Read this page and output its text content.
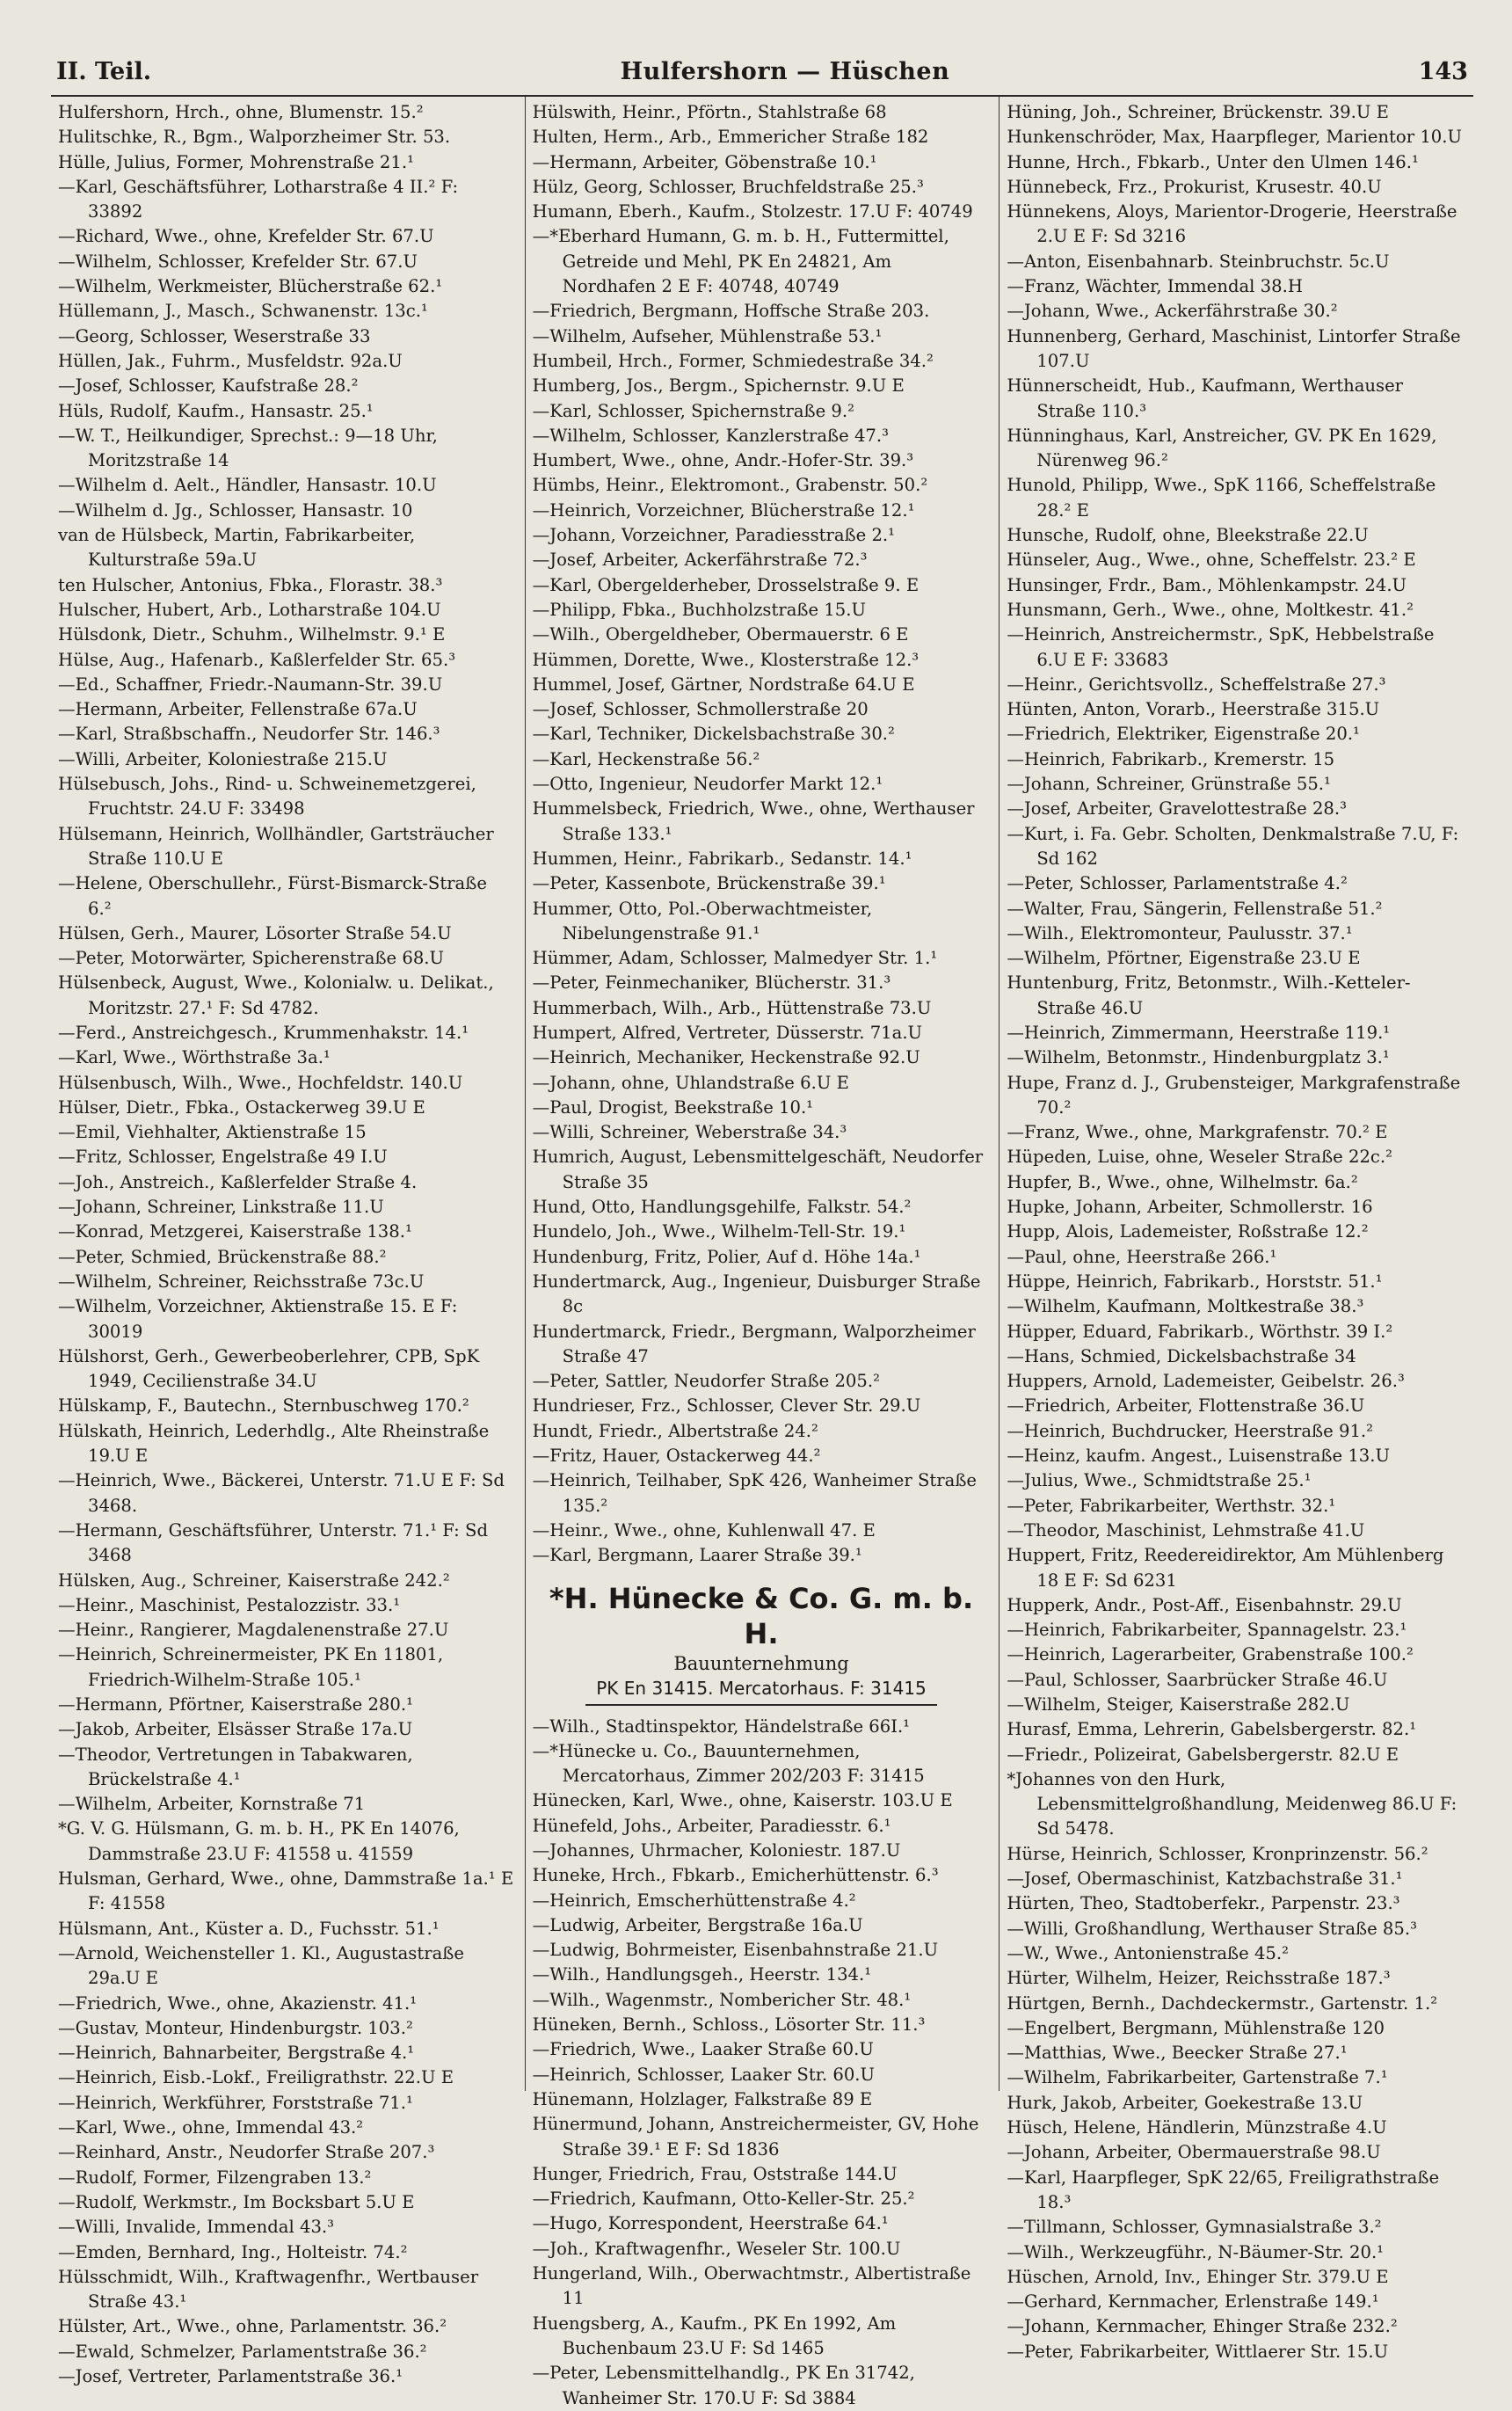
II. Teil.	Hulfershorn — Hüschen	143
Hulfershorn, Hrch., ohne, Blumenstr. 15.²
Hulitschke, R., Bgm., Walporzheimer Str. 53.
Hülle, Julius, Former, Mohrenstraße 21.¹
—Karl, Geschäftsführer, Lotharstraße 4 II.² F: 33892
—Richard, Wwe., ohne, Krefelder Str. 67.U
—Wilhelm, Schlosser, Krefelder Str. 67.U
—Wilhelm, Werkmeister, Blücherstraße 62.¹
Hüllemann, J., Masch., Schwanenstr. 13c.¹
—Georg, Schlosser, Weserstraße 33
Hüllen, Jak., Fuhrm., Musfeldstr. 92a.U
—Josef, Schlosser, Kaufstraße 28.²
Hüls, Rudolf, Kaufm., Hansastr. 25.¹
—W. T., Heilkundiger, Sprechst.: 9—18 Uhr, Moritzstraße 14
—Wilhelm d. Aelt., Händler, Hansastr. 10.U
—Wilhelm d. Jg., Schlosser, Hansastr. 10
van de Hülsbeck, Martin, Fabrikarbeiter, Kulturstraße 59a.U
ten Hulscher, Antonius, Fbka., Florastr. 38.³
Hulscher, Hubert, Arb., Lotharstraße 104.U
Hülsdonk, Dietr., Schuhm., Wilhelmstr. 9.¹ E
Hülse, Aug., Hafenarb., Kaßlerfelder Str. 65.³
—Ed., Schaffner, Friedr.-Naumann-Str. 39.U
—Hermann, Arbeiter, Fellenstraße 67a.U
—Karl, Straßbschaffn., Neudorfer Str. 146.³
—Willi, Arbeiter, Koloniestraße 215.U
Hülsebusch, Johs., Rind- u. Schweinemetzgerei, Fruchtstr. 24.U F: 33498
Hülsemann, Heinrich, Wollhändler, Gartsträucher Straße 110.U E
—Helene, Oberschullehr., Fürst-Bismarck-Straße 6.²
Hülsen, Gerh., Maurer, Lösorter Straße 54.U
—Peter, Motorwärter, Spicherenstraße 68.U
Hülsenbeck, August, Wwe., Kolonialw. u. Delikat., Moritzstr. 27.¹ F: Sd 4782.
—Ferd., Anstreichgesch., Krummenhakstr. 14.¹
—Karl, Wwe., Wörthstraße 3a.¹
Hülsenbusch, Wilh., Wwe., Hochfeldstr. 140.U
Hülser, Dietr., Fbka., Ostackerweg 39.U E
—Emil, Viehhalter, Aktienstraße 15
—Fritz, Schlosser, Engelstraße 49 I.U
—Joh., Anstreich., Kaßlerfelder Straße 4.
—Johann, Schreiner, Linkstraße 11.U
—Konrad, Metzgerei, Kaiserstraße 138.¹
—Peter, Schmied, Brückenstraße 88.²
—Wilhelm, Schreiner, Reichsstraße 73c.U
—Wilhelm, Vorzeichner, Aktienstraße 15. E F: 30019
Hülshorst, Gerh., Gewerbeoberlehrer, CPB, SpK 1949, Cecilienstraße 34.U
Hülskamp, F., Bautechn., Sternbuschweg 170.²
Hülskath, Heinrich, Lederhdlg., Alte Rheinstraße 19.U E
—Heinrich, Wwe., Bäckerei, Unterstr. 71.U E F: Sd 3468.
—Hermann, Geschäftsführer, Unterstr. 71.¹ F: Sd 3468
Hülsken, Aug., Schreiner, Kaiserstraße 242.²
—Heinr., Maschinist, Pestalozzistr. 33.¹
—Heinr., Rangierer, Magdalenenstraße 27.U
—Heinrich, Schreinermeister, PK En 11801, Friedrich-Wilhelm-Straße 105.¹
—Hermann, Pförtner, Kaiserstraße 280.¹
—Jakob, Arbeiter, Elsässer Straße 17a.U
—Theodor, Vertretungen in Tabakwaren, Brückelstraße 4.¹
—Wilhelm, Arbeiter, Kornstraße 71
*G. V. G. Hülsmann, G. m. b. H., PK En 14076, Dammstraße 23.U F: 41558 u. 41559
Hulsman, Gerhard, Wwe., ohne, Dammstraße 1a.¹ E F: 41558
Hülsmann, Ant., Küster a. D., Fuchsstr. 51.¹
—Arnold, Weichensteller 1. Kl., Augustastraße 29a.U E
—Friedrich, Wwe., ohne, Akazienstr. 41.¹
—Gustav, Monteur, Hindenburgstr. 103.²
—Heinrich, Bahnarbeiter, Bergstraße 4.¹
—Heinrich, Eisb.-Lokf., Freiligrathstr. 22.U E
—Heinrich, Werkführer, Forststraße 71.¹
—Karl, Wwe., ohne, Immendal 43.²
—Reinhard, Anstr., Neudorfer Straße 207.³
—Rudolf, Former, Filzengraben 13.²
—Rudolf, Werkmstr., Im Bocksbart 5.U E
—Willi, Invalide, Immendal 43.³
—Emden, Bernhard, Ing., Holteistr. 74.²
Hülsschmidt, Wilh., Kraftwagenfhr., Wertbauser Straße 43.¹
Hülster, Art., Wwe., ohne, Parlamentstr. 36.²
—Ewald, Schmelzer, Parlamentstraße 36.²
—Josef, Vertreter, Parlamentstraße 36.¹
Hülswith, Heinr., Pförtn., Stahlstraße 68
Hulten, Herm., Arb., Emmericher Straße 182
—Hermann, Arbeiter, Göbenstraße 10.¹
Hülz, Georg, Schlosser, Bruchfeldstraße 25.³
Humann, Eberh., Kaufm., Stolzestr. 17.U F: 40749
—*Eberhard Humann, G. m. b. H., Futtermittel, Getreide und Mehl, PK En 24821, Am Nordhafen 2 E F: 40748, 40749
—Friedrich, Bergmann, Hoffsche Straße 203.
—Wilhelm, Aufseher, Mühlenstraße 53.¹
Humbeil, Hrch., Former, Schmiedestraße 34.²
Humberg, Jos., Bergm., Spichernstr. 9.U E
—Karl, Schlosser, Spichernstraße 9.²
—Wilhelm, Schlosser, Kanzlerstraße 47.³
Humbert, Wwe., ohne, Andr.-Hofer-Str. 39.³
Hümbs, Heinr., Elektromont., Grabenstr. 50.²
—Heinrich, Vorzeichner, Blücherstraße 12.¹
—Johann, Vorzeichner, Paradiesstraße 2.¹
—Josef, Arbeiter, Ackerfährstraße 72.³
—Karl, Obergelderheber, Drosselstraße 9. E
—Philipp, Fbka., Buchholzstraße 15.U
—Wilh., Obergeldheber, Obermauerstr. 6 E
Hümmen, Dorette, Wwe., Klosterstraße 12.³
Hummel, Josef, Gärtner, Nordstraße 64.U E
—Josef, Schlosser, Schmollerstraße 20
—Karl, Techniker, Dickelsbachstraße 30.²
—Karl, Heckenstraße 56.²
—Otto, Ingenieur, Neudorfer Markt 12.¹
Hummelsbeck, Friedrich, Wwe., ohne, Werthauser Straße 133.¹
Hummen, Heinr., Fabrikarb., Sedanstr. 14.¹
—Peter, Kassenbote, Brückenstraße 39.¹
Hummer, Otto, Pol.-Oberwachtmeister, Nibelungenstraße 91.¹
Hümmer, Adam, Schlosser, Malmedyer Str. 1.¹
—Peter, Feinmechaniker, Blücherstr. 31.³
Hummerbach, Wilh., Arb., Hüttenstraße 73.U
Humpert, Alfred, Vertreter, Düsserstr. 71a.U
—Heinrich, Mechaniker, Heckenstraße 92.U
—Johann, ohne, Uhlandstraße 6.U E
—Paul, Drogist, Beekstraße 10.¹
—Willi, Schreiner, Weberstraße 34.³
Humrich, August, Lebensmittelgeschäft, Neudorfer Straße 35
Hund, Otto, Handlungsgehilfe, Falkstr. 54.²
Hundelo, Joh., Wwe., Wilhelm-Tell-Str. 19.¹
Hundenburg, Fritz, Polier, Auf d. Höhe 14a.¹
Hundertmarck, Aug., Ingenieur, Duisburger Straße 8c
Hundertmarck, Friedr., Bergmann, Walporzheimer Straße 47
—Peter, Sattler, Neudorfer Straße 205.²
Hundrieser, Frz., Schlosser, Clever Str. 29.U
Hundt, Friedr., Albertstraße 24.²
—Fritz, Hauer, Ostackerweg 44.²
—Heinrich, Teilhaber, SpK 426, Wanheimer Straße 135.²
—Heinr., Wwe., ohne, Kuhlenwall 47. E
—Karl, Bergmann, Laarer Straße 39.¹
*H. Hünecke & Co. G. m. b. H.
Bauunternehmung
PK En 31415. Mercatorhaus. F: 31415
—Wilh., Stadtinspektor, Händelstraße 66I.¹
—*Hünecke u. Co., Bauunternehmen, Mercatorhaus, Zimmer 202/203 F: 31415
Hünecken, Karl, Wwe., ohne, Kaiserstr. 103.U E
Hünefeld, Johs., Arbeiter, Paradiesstr. 6.¹
—Johannes, Uhrmacher, Koloniestr. 187.U
Huneke, Hrch., Fbkarb., Emicherhüttenstr. 6.³
—Heinrich, Emscherhüttenstraße 4.²
—Ludwig, Arbeiter, Bergstraße 16a.U
—Ludwig, Bohrmeister, Eisenbahnstraße 21.U
—Wilh., Handlungsgeh., Heerstr. 134.¹
—Wilh., Wagenmstr., Nombericher Str. 48.¹
Hüneken, Bernh., Schloss., Lösorter Str. 11.³
—Friedrich, Wwe., Laaker Straße 60.U
—Heinrich, Schlosser, Laaker Str. 60.U
Hünemann, Holzlager, Falkstraße 89 E
Hünermund, Johann, Anstreichermeister, GV, Hohe Straße 39.¹ E F: Sd 1836
Hunger, Friedrich, Frau, Oststraße 144.U
—Friedrich, Kaufmann, Otto-Keller-Str. 25.²
—Hugo, Korrespondent, Heerstraße 64.¹
—Joh., Kraftwagenfhr., Weseler Str. 100.U
Hungerland, Wilh., Oberwachtmstr., Albertistraße 11
Huengsberg, A., Kaufm., PK En 1992, Am Buchenbaum 23.U F: Sd 1465
—Peter, Lebensmittelhandlg., PK En 31742, Wanheimer Str. 170.U F: Sd 3884
Hüning, Joh., Schreiner, Brückenstr. 39.U E
Hunkenschröder, Max, Haarpfleger, Marientor 10.U
Hunne, Hrch., Fbkarb., Unter den Ulmen 146.¹
Hünnebeck, Frz., Prokurist, Krusestr. 40.U
Hünnekens, Aloys, Marientor-Drogerie, Heerstraße 2.U E F: Sd 3216
—Anton, Eisenbahnarb. Steinbruchstr. 5c.U
—Franz, Wächter, Immendal 38.H
—Johann, Wwe., Ackerfährstraße 30.²
Hunnenberg, Gerhard, Maschinist, Lintorfer Straße 107.U
Hünnerscheidt, Hub., Kaufmann, Werthauser Straße 110.³
Hünninghaus, Karl, Anstreicher, GV. PK En 1629, Nürenweg 96.²
Hunold, Philipp, Wwe., SpK 1166, Scheffelstraße 28.² E
Hunsche, Rudolf, ohne, Bleekstraße 22.U
Hünseler, Aug., Wwe., ohne, Scheffelstr. 23.² E
Hunsinger, Frdr., Bam., Möhlenkampstr. 24.U
Hunsmann, Gerh., Wwe., ohne, Moltkestr. 41.²
—Heinrich, Anstreichermstr., SpK, Hebbelstraße 6.U E F: 33683
—Heinr., Gerichtsvollz., Scheffelstraße 27.³
Hünten, Anton, Vorarb., Heerstraße 315.U
—Friedrich, Elektriker, Eigenstraße 20.¹
—Heinrich, Fabrikarb., Kremerstr. 15
—Johann, Schreiner, Grünstraße 55.¹
—Josef, Arbeiter, Gravelottestraße 28.³
—Kurt, i. Fa. Gebr. Scholten, Denkmalstraße 7.U, F: Sd 162
—Peter, Schlosser, Parlamentstraße 4.²
—Walter, Frau, Sängerin, Fellenstraße 51.²
—Wilh., Elektromonteur, Paulusstr. 37.¹
—Wilhelm, Pförtner, Eigenstraße 23.U E
Huntenburg, Fritz, Betonmstr., Wilh.-Ketteler-Straße 46.U
—Heinrich, Zimmermann, Heerstraße 119.¹
—Wilhelm, Betonmstr., Hindenburgplatz 3.¹
Hupe, Franz d. J., Grubensteiger, Markgrafenstraße 70.²
—Franz, Wwe., ohne, Markgrafenstr. 70.² E
Hüpeden, Luise, ohne, Weseler Straße 22c.²
Hupfer, B., Wwe., ohne, Wilhelmstr. 6a.²
Hupke, Johann, Arbeiter, Schmollerstr. 16
Hupp, Alois, Lademeister, Roßstraße 12.²
—Paul, ohne, Heerstraße 266.¹
Hüppe, Heinrich, Fabrikarb., Horststr. 51.¹
—Wilhelm, Kaufmann, Moltkestraße 38.³
Hüpper, Eduard, Fabrikarb., Wörthstr. 39 I.²
—Hans, Schmied, Dickelsbachstraße 34
Huppers, Arnold, Lademeister, Geibelstr. 26.³
—Friedrich, Arbeiter, Flottenstraße 36.U
—Heinrich, Buchdrucker, Heerstraße 91.²
—Heinz, kaufm. Angest., Luisenstraße 13.U
—Julius, Wwe., Schmidtstraße 25.¹
—Peter, Fabrikarbeiter, Werthstr. 32.¹
—Theodor, Maschinist, Lehmstraße 41.U
Huppert, Fritz, Reedereidirektor, Am Mühlenberg 18 E F: Sd 6231
Hupperk, Andr., Post-Aff., Eisenbahnstr. 29.U
—Heinrich, Fabrikarbeiter, Spannagelstr. 23.¹
—Heinrich, Lagerarbeiter, Grabenstraße 100.²
—Paul, Schlosser, Saarbrücker Straße 46.U
—Wilhelm, Steiger, Kaiserstraße 282.U
Hurasf, Emma, Lehrerin, Gabelsbergerstr. 82.¹
—Friedr., Polizeirat, Gabelsbergerstr. 82.U E
*Johannes von den Hurk, Lebensmittelgroßhandlung, Meidenweg 86.U F: Sd 5478.
Hürse, Heinrich, Schlosser, Kronprinzenstr. 56.²
—Josef, Obermaschinist, Katzbachstraße 31.¹
Hürten, Theo, Stadtoberfekr., Parpenstr. 23.³
—Willi, Großhandlung, Werthauser Straße 85.³
—W., Wwe., Antonienstraße 45.²
Hürter, Wilhelm, Heizer, Reichsstraße 187.³
Hürtgen, Bernh., Dachdeckermstr., Gartenstr. 1.²
—Engelbert, Bergmann, Mühlenstraße 120
—Matthias, Wwe., Beecker Straße 27.¹
—Wilhelm, Fabrikarbeiter, Gartenstraße 7.¹
Hurk, Jakob, Arbeiter, Goekestraße 13.U
Hüsch, Helene, Händlerin, Münzstraße 4.U
—Johann, Arbeiter, Obermauerstraße 98.U
—Karl, Haarpfleger, SpK 22/65, Freiligrathstraße 18.³
—Tillmann, Schlosser, Gymnasialstraße 3.²
—Wilh., Werkzeugführ., N-Bäumer-Str. 20.¹
Hüschen, Arnold, Inv., Ehinger Str. 379.U E
—Gerhard, Kernmacher, Erlenstraße 149.¹
—Johann, Kernmacher, Ehinger Straße 232.²
—Peter, Fabrikarbeiter, Wittlaerer Str. 15.U
